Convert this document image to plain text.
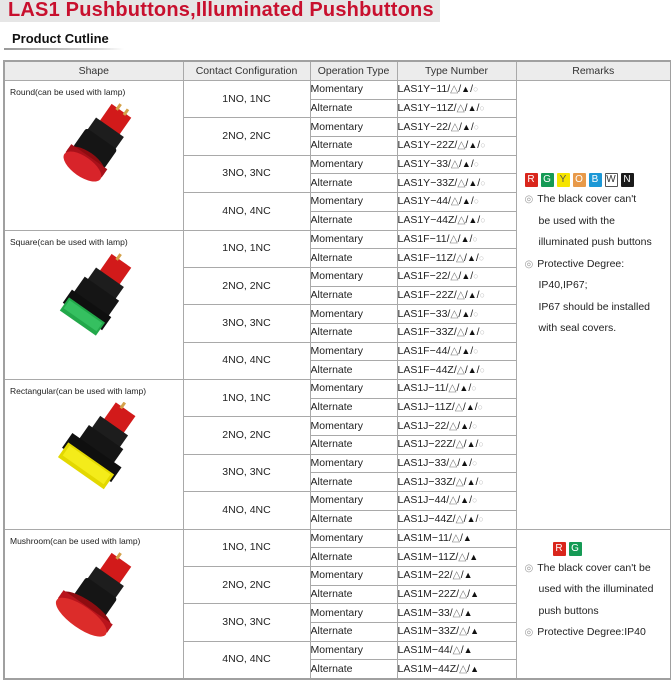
LAS1 Pushbuttons,Illuminated Pushbuttons
Product Cutline
Shape	Contact Configuration	Operation Type	Type Number	Remarks

Round(can be used with lamp)
	1NO, 1NC	Momentary	LAS1Y−11/△/▲/○	
R G Y O B W N
◎ The black cover can't
be used with the
illuminated push buttons
◎ Protective Degree:
IP40,IP67;
IP67 should be installed
with seal covers.

		Alternate	LAS1Y−11Z/△/▲/○	
	2NO, 2NC	Momentary	LAS1Y−22/△/▲/○	
		Alternate	LAS1Y−22Z/△/▲/○	
	3NO, 3NC	Momentary	LAS1Y−33/△/▲/○	
		Alternate	LAS1Y−33Z/△/▲/○	
	4NO, 4NC	Momentary	LAS1Y−44/△/▲/○	
		Alternate	LAS1Y−44Z/△/▲/○	

Square(can be used with lamp)	1NO, 1NC	Momentary	LAS1F−11/△/▲/○	
		Alternate	LAS1F−11Z/△/▲/○	
	2NO, 2NC	Momentary	LAS1F−22/△/▲/○	
		Alternate	LAS1F−22Z/△/▲/○	
	3NO, 3NC	Momentary	LAS1F−33/△/▲/○	
		Alternate	LAS1F−33Z/△/▲/○	
	4NO, 4NC	Momentary	LAS1F−44/△/▲/○	
		Alternate	LAS1F−44Z/△/▲/○	

Rectangular(can be used with lamp)	1NO, 1NC	Momentary	LAS1J−11/△/▲/○	
		Alternate	LAS1J−11Z/△/▲/○	
	2NO, 2NC	Momentary	LAS1J−22/△/▲/○	
		Alternate	LAS1J−22Z/△/▲/○	
	3NO, 3NC	Momentary	LAS1J−33/△/▲/○	
		Alternate	LAS1J−33Z/△/▲/○	
	4NO, 4NC	Momentary	LAS1J−44/△/▲/○	
		Alternate	LAS1J−44Z/△/▲/○	

Mushroom(can be used with lamp)
	1NO, 1NC	Momentary	LAS1M−11/△/▲	
R G
◎ The black cover can't be
used with the illuminated
push buttons
◎ Protective Degree:IP40

		Alternate	LAS1M−11Z/△/▲	
	2NO, 2NC	Momentary	LAS1M−22/△/▲	
		Alternate	LAS1M−22Z/△/▲	
	3NO, 3NC	Momentary	LAS1M−33/△/▲	
		Alternate	LAS1M−33Z/△/▲	
	4NO, 4NC	Momentary	LAS1M−44/△/▲	
		Alternate	LAS1M−44Z/△/▲	
